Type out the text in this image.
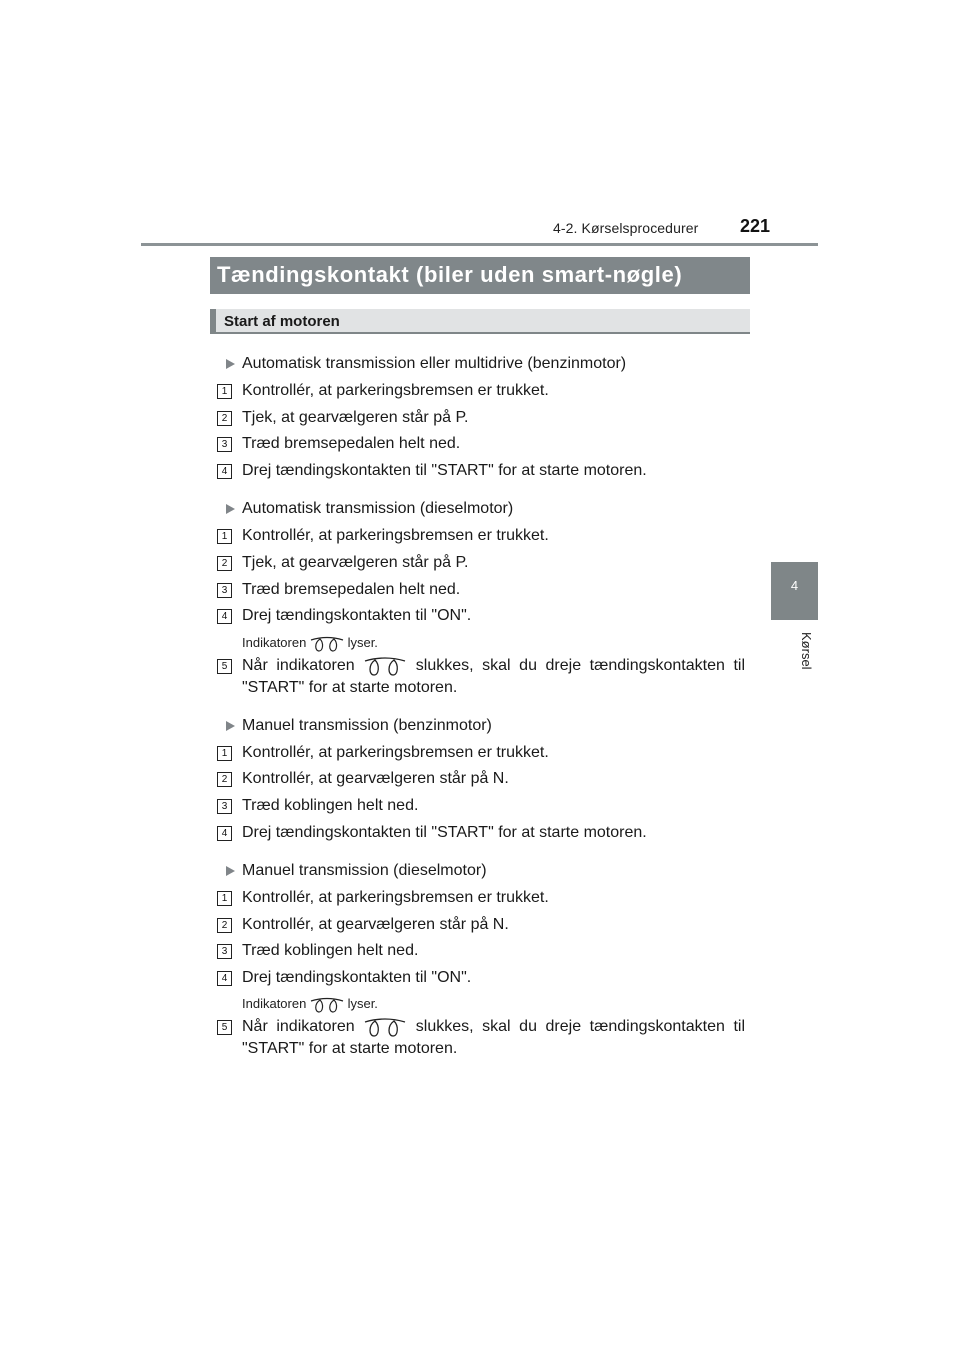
4-2. Kørselsprocedurer 221
4
Kørsel
Tændingskontakt (biler uden smart-nøgle)
Start af motoren
Automatisk transmission eller multidrive (benzinmotor)
1 Kontrollér, at parkeringsbremsen er trukket.
2 Tjek, at gearvælgeren står på P.
3 Træd bremsepedalen helt ned.
4 Drej tændingskontakten til "START" for at starte motoren.
Automatisk transmission (dieselmotor)
1 Kontrollér, at parkeringsbremsen er trukket.
2 Tjek, at gearvælgeren står på P.
3 Træd bremsepedalen helt ned.
4 Drej tændingskontakten til "ON".
Indikatoren	lyser.
5 Når indikatoren	slukkes, skal du dreje tændingskontakten til
"START" for at starte motoren.
Manuel transmission (benzinmotor)
1 Kontrollér, at parkeringsbremsen er trukket.
2 Kontrollér, at gearvælgeren står på N.
3 Træd koblingen helt ned.
4 Drej tændingskontakten til "START" for at starte motoren.
Manuel transmission (dieselmotor)
1 Kontrollér, at parkeringsbremsen er trukket.
2 Kontrollér, at gearvælgeren står på N.
3 Træd koblingen helt ned.
4 Drej tændingskontakten til "ON".
Indikatoren	lyser.
5 Når indikatoren	slukkes, skal du dreje tændingskontakten til
"START" for at starte motoren.
